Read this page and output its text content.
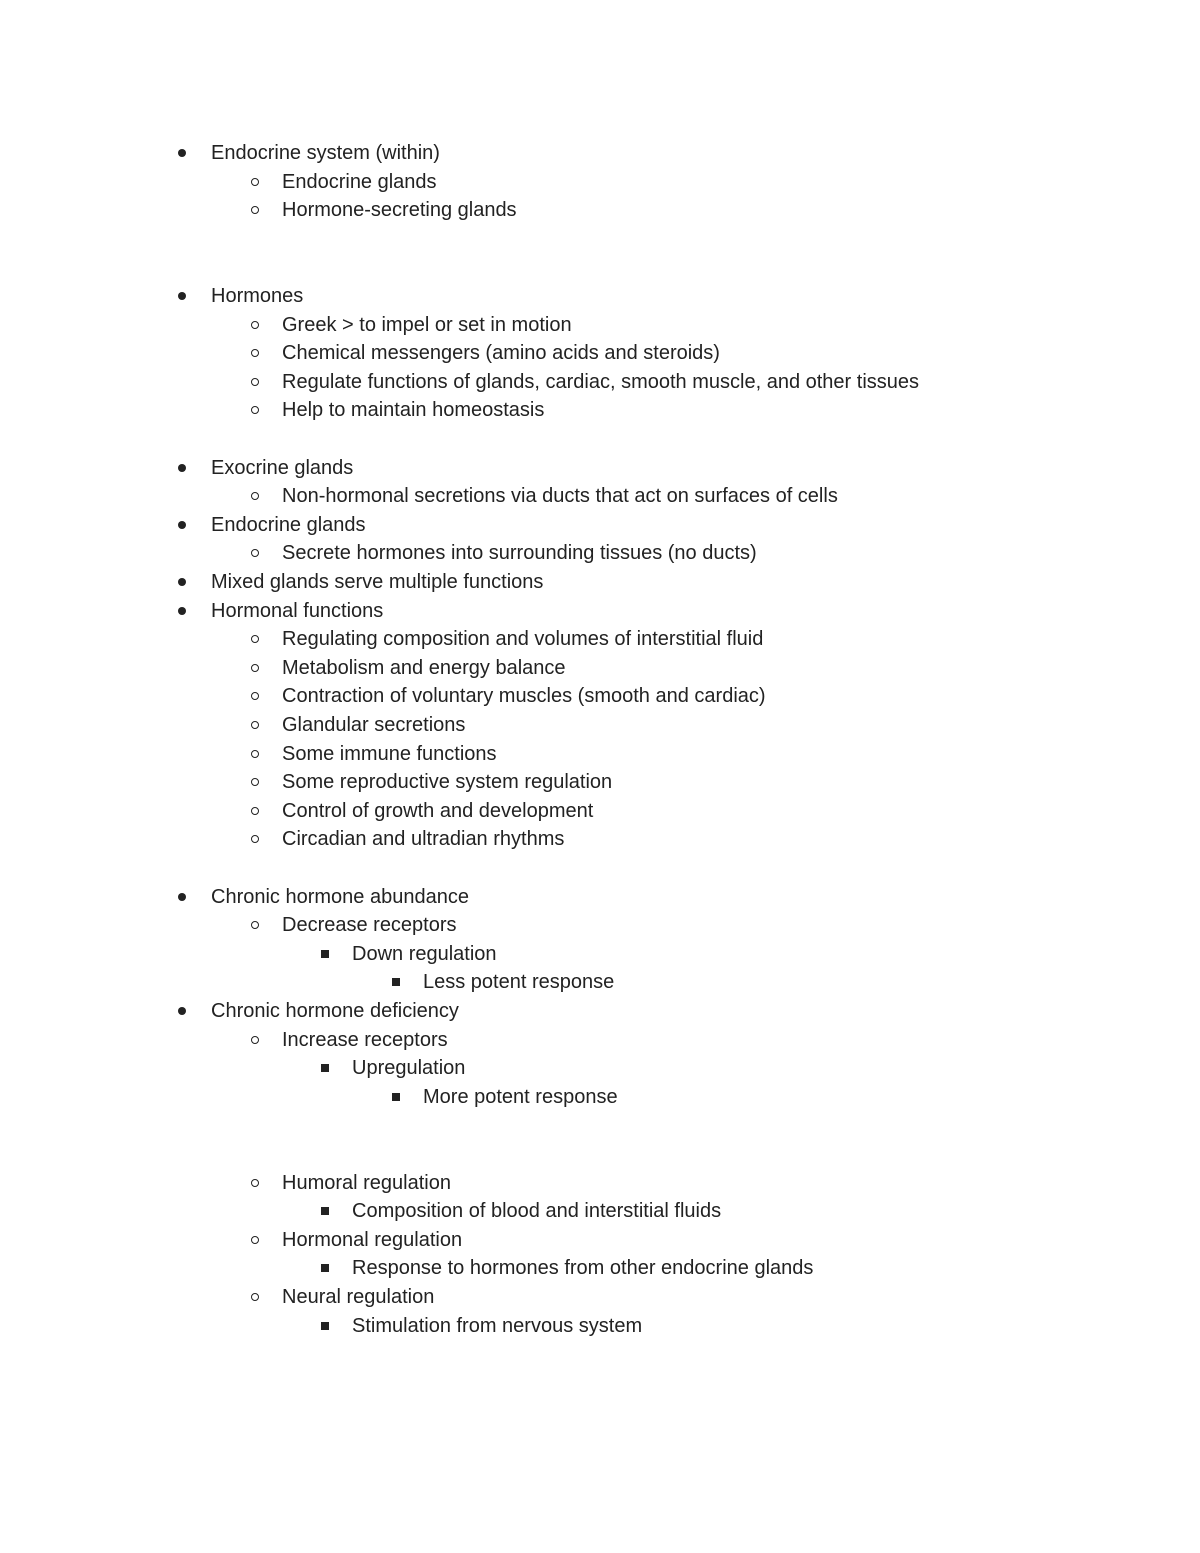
Endocrine system (within)
Endocrine glands
Hormone-secreting glands
Hormones
Greek > to impel or set in motion
Chemical messengers (amino acids and steroids)
Regulate functions of glands, cardiac, smooth muscle, and other tissues
Help to maintain homeostasis
Exocrine glands
Non-hormonal secretions via ducts that act on surfaces of cells
Endocrine glands
Secrete hormones into surrounding tissues (no ducts)
Mixed glands serve multiple functions
Hormonal functions
Regulating composition and volumes of interstitial fluid
Metabolism and energy balance
Contraction of voluntary muscles (smooth and cardiac)
Glandular secretions
Some immune functions
Some reproductive system regulation
Control of growth and development
Circadian and ultradian rhythms
Chronic hormone abundance
Decrease receptors
Down regulation
Less potent response
Chronic hormone deficiency
Increase receptors
Upregulation
More potent response
Humoral regulation
Composition of blood and interstitial fluids
Hormonal regulation
Response to hormones from other endocrine glands
Neural regulation
Stimulation from nervous system
